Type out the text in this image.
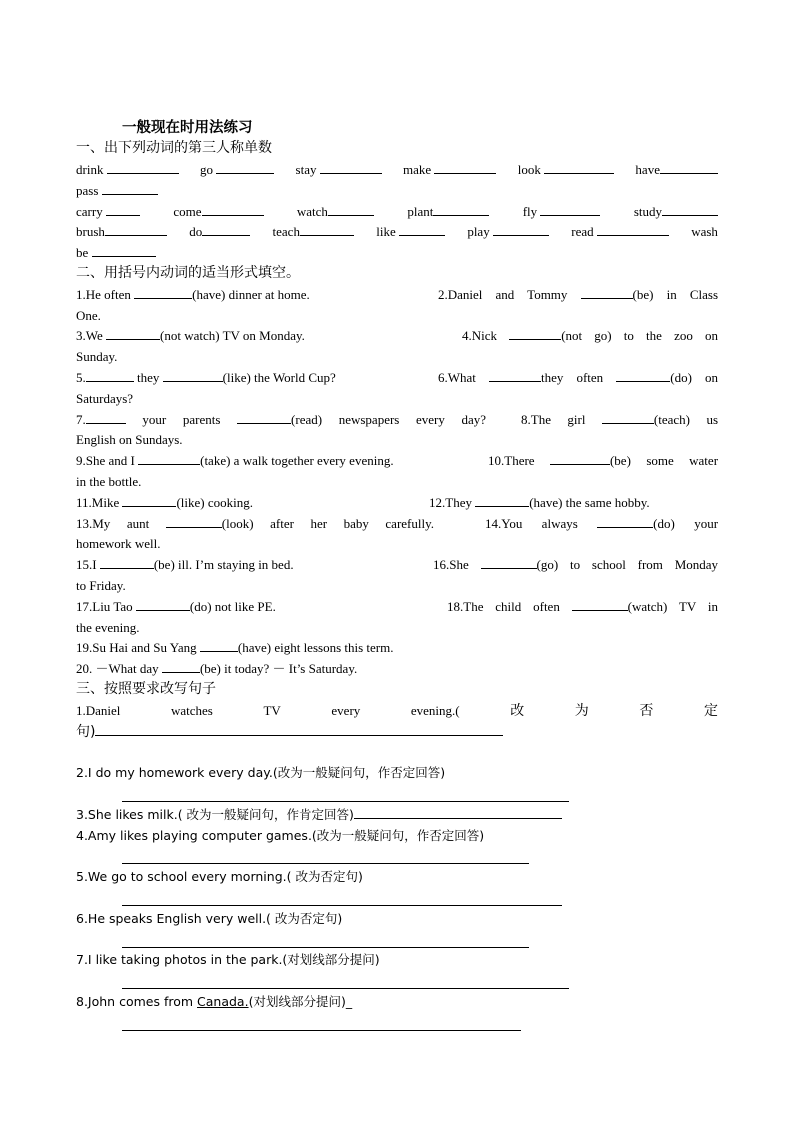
一般现在时用法练习
一、出下列动词的第三人称单数
drink	go	stay	make	look	have
pass
carry	come	watch	plant	fly	study
brush	do	teach	like	play	read	wash
be
二、用括号内动词的适当形式填空。
1.He often	(have) dinner at home.	2.Daniel and Tommy	(be) in Class
One.
3.We	(not watch) TV on Monday.	4.Nick	(not go) to the zoo on
Sunday.
5.	they	(like) the World Cup?	6.What	they often	(do) on
Saturdays?
7.	your parents	(read) newspapers every day?	8.The girl	(teach) us
English on Sundays.
9.She and I	(take) a walk together every evening.	10.There	(be) some water
in the bottle.
11.Mike	(like) cooking.	12.They	(have) the same hobby.
13.My aunt	(look) after her baby carefully.	14.You always	(do) your
homework well.
15.I	(be) ill. I’m staying in bed.	16.She	(go) to school from Monday
to Friday.
17.Liu Tao	(do) not like PE.	18.The child often	(watch) TV in
the evening.
19.Su Hai and Su Yang	(have) eight lessons this term.
20. －What day	(be) it today? － It’s Saturday.
三、按照要求改写句子
1.Daniel	watches	TV	every	evening.(	改	为	否	定
句)
2.I do my homework every day.(改为一般疑问句，作否定回答)
3.She likes milk.( 改为一般疑问句，作肯定回答)
4.Amy likes playing computer games.(改为一般疑问句，作否定回答)
5.We go to school every morning.( 改为否定句)
6.He speaks English very well.( 改为否定句)
7.I like taking photos in the park.(对划线部分提问)
8.John comes from Canada.(对划线部分提问)_
